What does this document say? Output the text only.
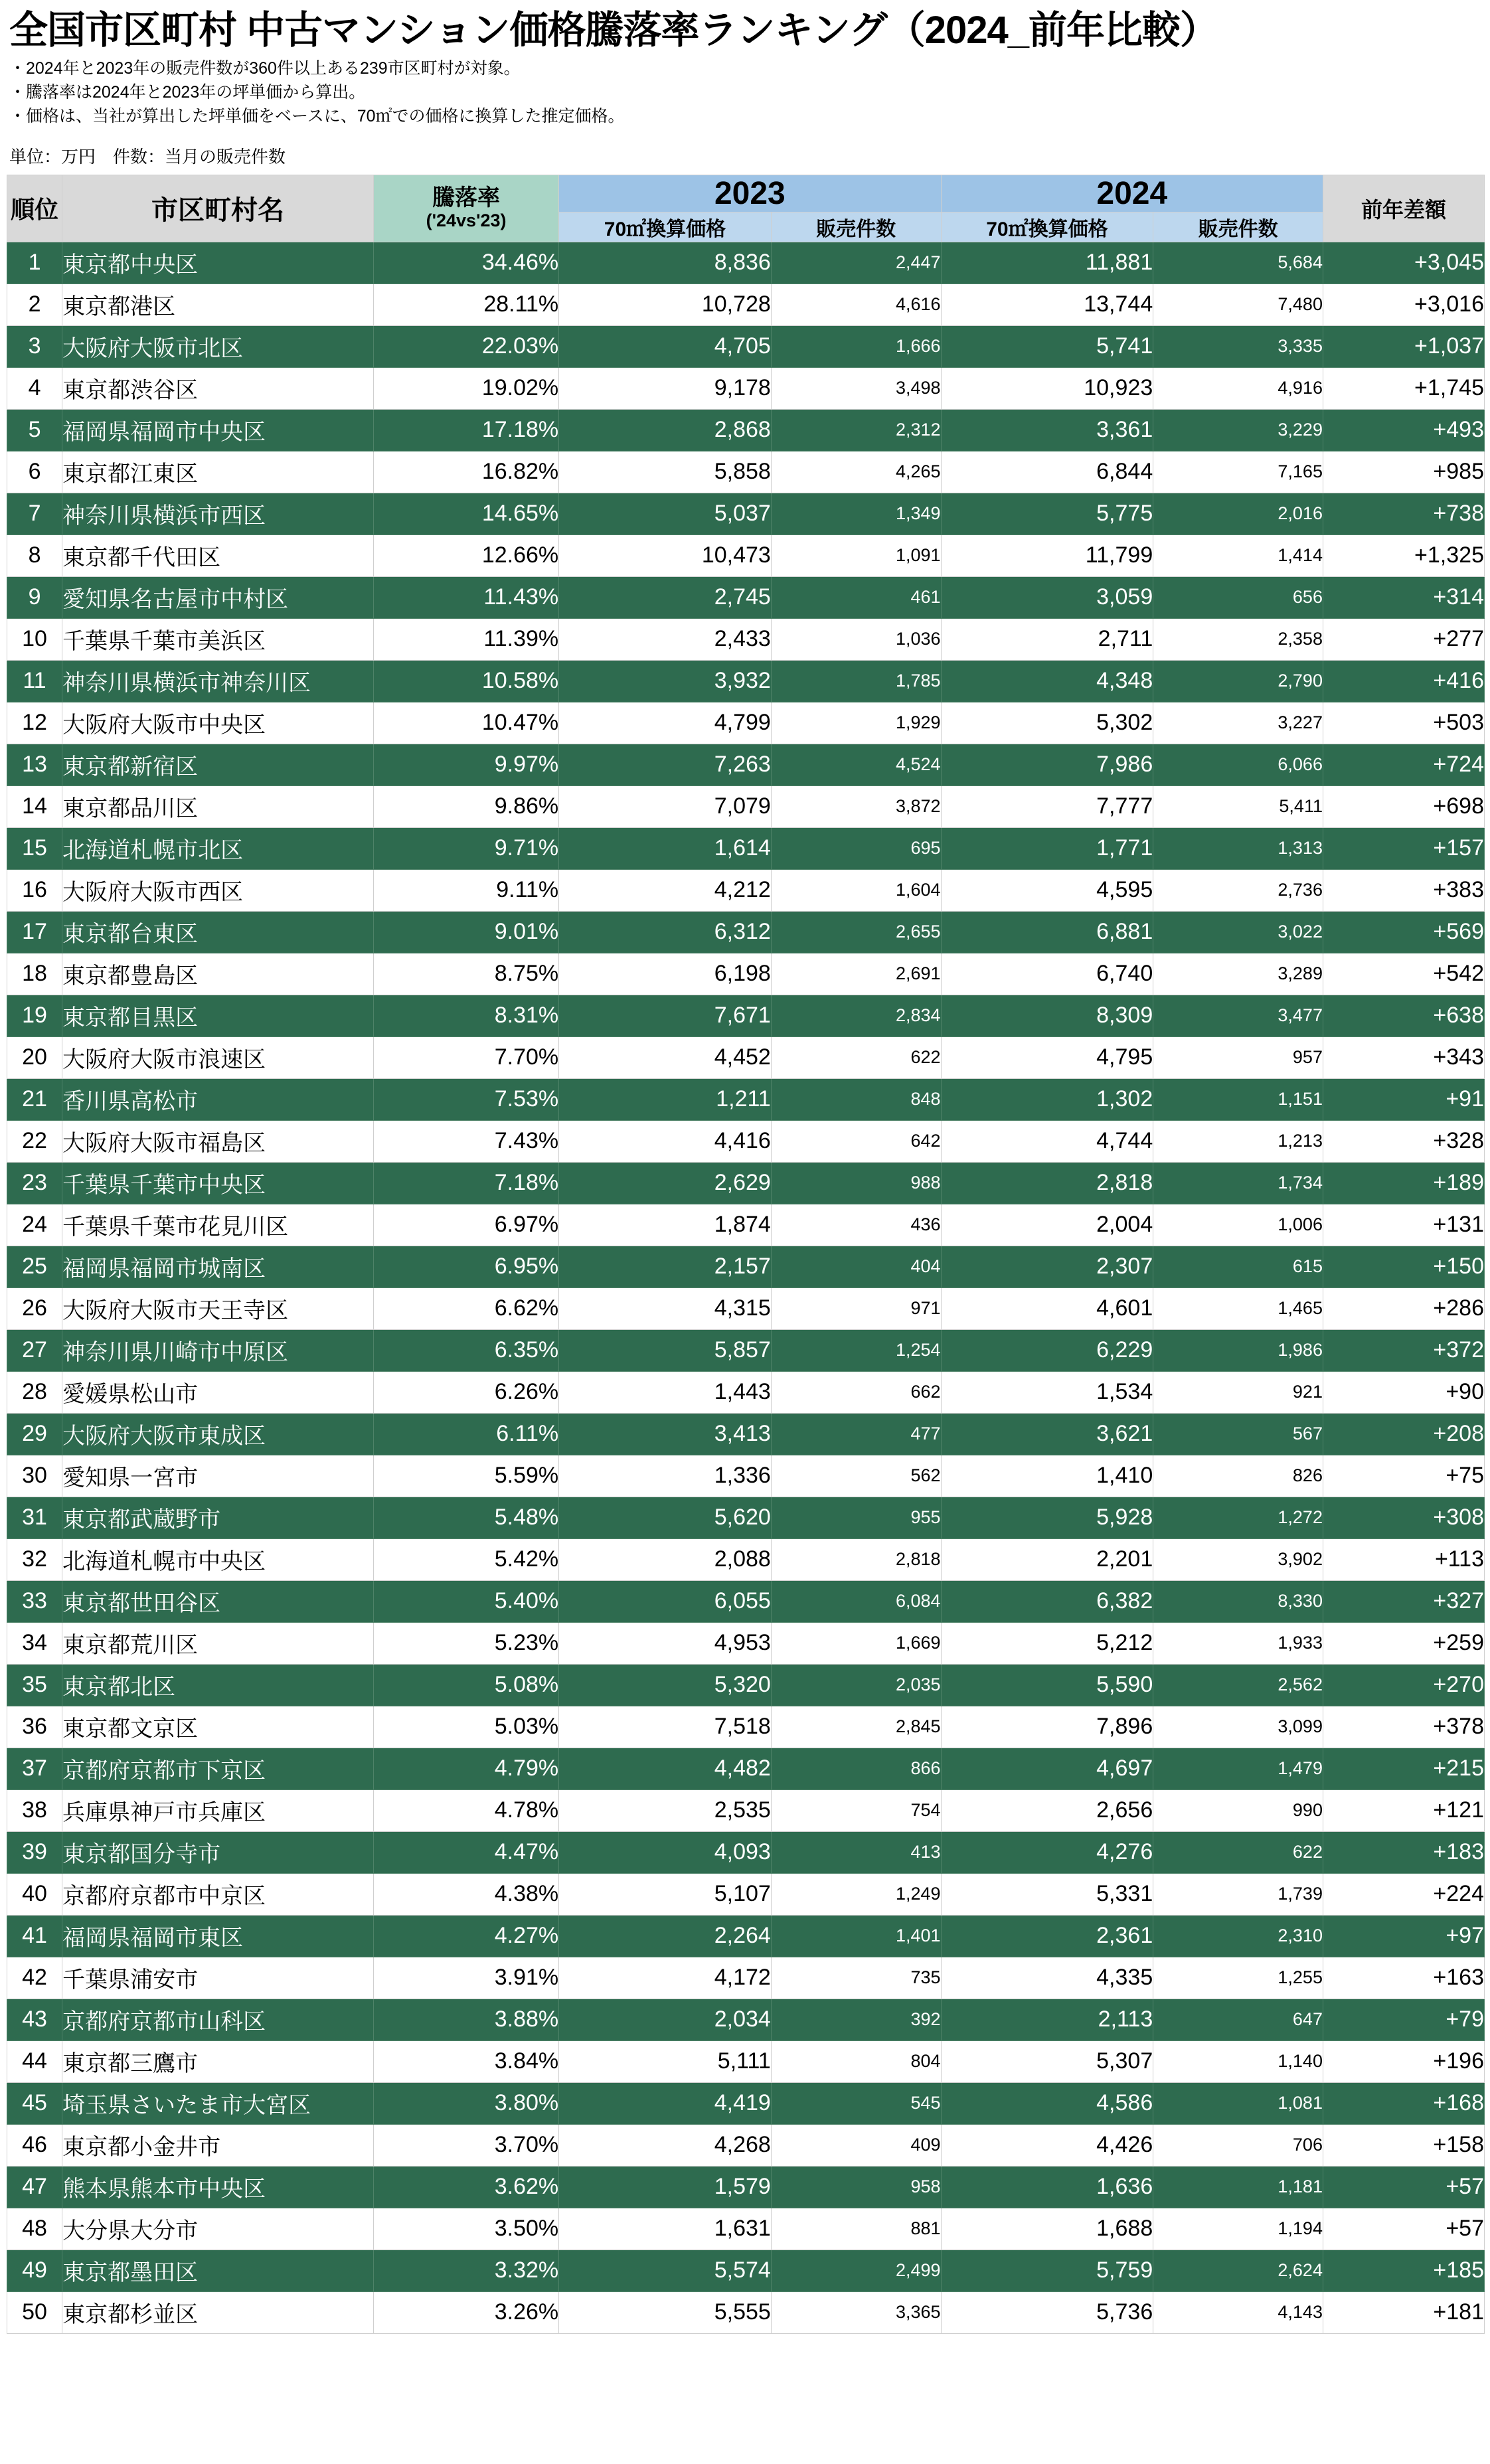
全国市区町村 中古マンション価格騰落率ランキング（2024_前年比較）
・2024年と2023年の販売件数が360件以上ある239市区町村が対象。
・騰落率は2024年と2023年の坪単価から算出。
・価格は、当社が算出した坪単価をベースに、70㎡での価格に換算した推定価格。
単位：万円　件数：当月の販売件数
順位	市区町村名	騰落率
('24vs'23)	2023		2024		前年差額
			70㎡換算価格	販売件数	70㎡換算価格	販売件数	
1	東京都中央区	34.46%	8,836	2,447	11,881	5,684	+3,045
2	東京都港区	28.11%	10,728	4,616	13,744	7,480	+3,016
3	大阪府大阪市北区	22.03%	4,705	1,666	5,741	3,335	+1,037
4	東京都渋谷区	19.02%	9,178	3,498	10,923	4,916	+1,745
5	福岡県福岡市中央区	17.18%	2,868	2,312	3,361	3,229	+493
6	東京都江東区	16.82%	5,858	4,265	6,844	7,165	+985
7	神奈川県横浜市西区	14.65%	5,037	1,349	5,775	2,016	+738
8	東京都千代田区	12.66%	10,473	1,091	11,799	1,414	+1,325
9	愛知県名古屋市中村区	11.43%	2,745	461	3,059	656	+314
10	千葉県千葉市美浜区	11.39%	2,433	1,036	2,711	2,358	+277
11	神奈川県横浜市神奈川区	10.58%	3,932	1,785	4,348	2,790	+416
12	大阪府大阪市中央区	10.47%	4,799	1,929	5,302	3,227	+503
13	東京都新宿区	9.97%	7,263	4,524	7,986	6,066	+724
14	東京都品川区	9.86%	7,079	3,872	7,777	5,411	+698
15	北海道札幌市北区	9.71%	1,614	695	1,771	1,313	+157
16	大阪府大阪市西区	9.11%	4,212	1,604	4,595	2,736	+383
17	東京都台東区	9.01%	6,312	2,655	6,881	3,022	+569
18	東京都豊島区	8.75%	6,198	2,691	6,740	3,289	+542
19	東京都目黒区	8.31%	7,671	2,834	8,309	3,477	+638
20	大阪府大阪市浪速区	7.70%	4,452	622	4,795	957	+343
21	香川県高松市	7.53%	1,211	848	1,302	1,151	+91
22	大阪府大阪市福島区	7.43%	4,416	642	4,744	1,213	+328
23	千葉県千葉市中央区	7.18%	2,629	988	2,818	1,734	+189
24	千葉県千葉市花見川区	6.97%	1,874	436	2,004	1,006	+131
25	福岡県福岡市城南区	6.95%	2,157	404	2,307	615	+150
26	大阪府大阪市天王寺区	6.62%	4,315	971	4,601	1,465	+286
27	神奈川県川崎市中原区	6.35%	5,857	1,254	6,229	1,986	+372
28	愛媛県松山市	6.26%	1,443	662	1,534	921	+90
29	大阪府大阪市東成区	6.11%	3,413	477	3,621	567	+208
30	愛知県一宮市	5.59%	1,336	562	1,410	826	+75
31	東京都武蔵野市	5.48%	5,620	955	5,928	1,272	+308
32	北海道札幌市中央区	5.42%	2,088	2,818	2,201	3,902	+113
33	東京都世田谷区	5.40%	6,055	6,084	6,382	8,330	+327
34	東京都荒川区	5.23%	4,953	1,669	5,212	1,933	+259
35	東京都北区	5.08%	5,320	2,035	5,590	2,562	+270
36	東京都文京区	5.03%	7,518	2,845	7,896	3,099	+378
37	京都府京都市下京区	4.79%	4,482	866	4,697	1,479	+215
38	兵庫県神戸市兵庫区	4.78%	2,535	754	2,656	990	+121
39	東京都国分寺市	4.47%	4,093	413	4,276	622	+183
40	京都府京都市中京区	4.38%	5,107	1,249	5,331	1,739	+224
41	福岡県福岡市東区	4.27%	2,264	1,401	2,361	2,310	+97
42	千葉県浦安市	3.91%	4,172	735	4,335	1,255	+163
43	京都府京都市山科区	3.88%	2,034	392	2,113	647	+79
44	東京都三鷹市	3.84%	5,111	804	5,307	1,140	+196
45	埼玉県さいたま市大宮区	3.80%	4,419	545	4,586	1,081	+168
46	東京都小金井市	3.70%	4,268	409	4,426	706	+158
47	熊本県熊本市中央区	3.62%	1,579	958	1,636	1,181	+57
48	大分県大分市	3.50%	1,631	881	1,688	1,194	+57
49	東京都墨田区	3.32%	5,574	2,499	5,759	2,624	+185
50	東京都杉並区	3.26%	5,555	3,365	5,736	4,143	+181
